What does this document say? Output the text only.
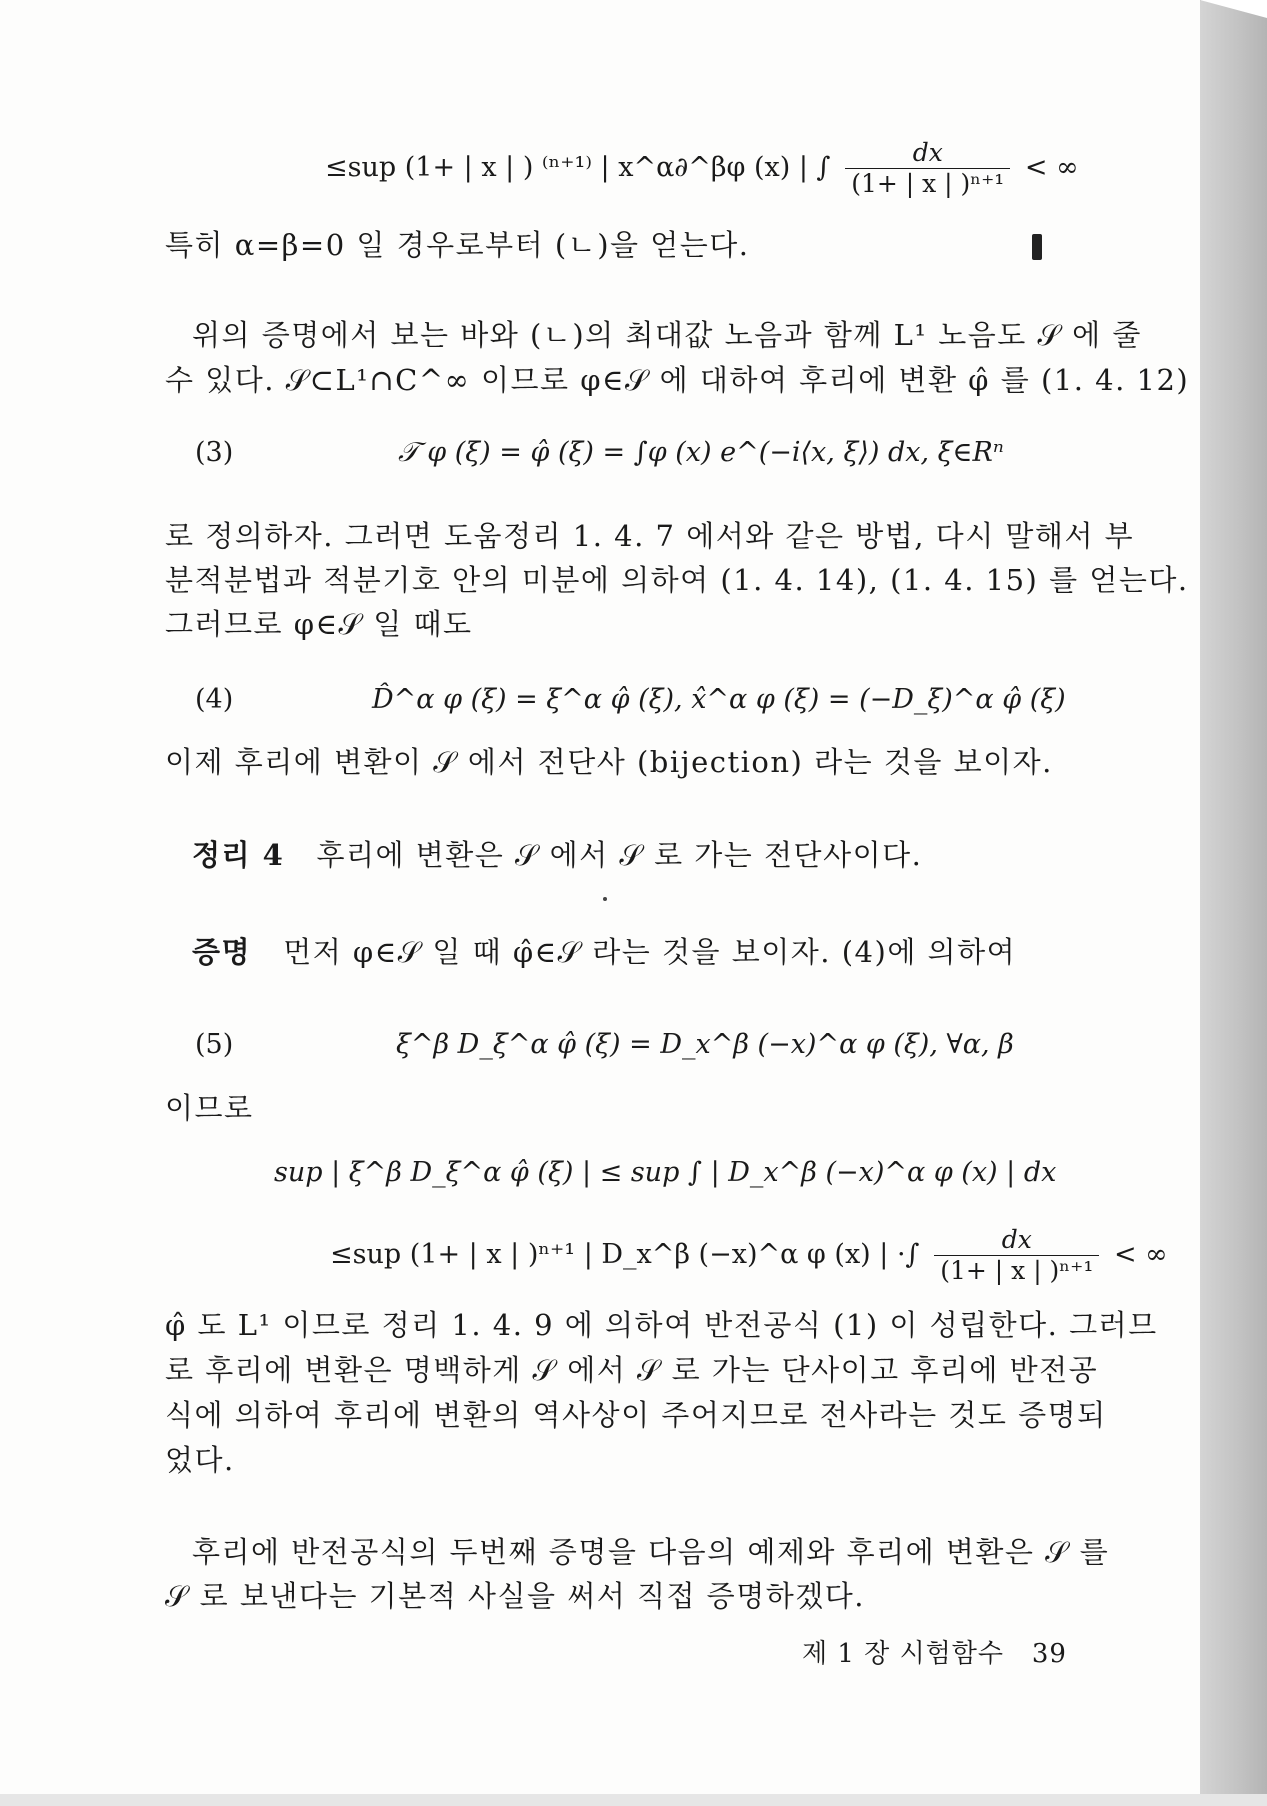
≤sup (1+ | x | ) ⁽ⁿ⁺¹⁾ | x^α∂^βφ (x) | ∫ $\frac{dx}{\text{(1+ | x | )ⁿ⁺¹}}$ < ∞
특히 α=β=0 일 경우로부터 (ㄴ)을 얻는다.
위의 증명에서 보는 바와 (ㄴ)의 최대값 노음과 함께 L¹ 노음도 𝒮 에 줄
수 있다. 𝒮⊂L¹∩C^∞ 이므로 φ∈𝒮 에 대하여 후리에 변환 φ̂ 를 (1. 4. 12)
(3)	𝒯 φ (ξ) = φ̂ (ξ) = ∫φ (x) e^(−i⟨x, ξ⟩) dx, ξ∈Rⁿ
로 정의하자. 그러면 도움정리 1. 4. 7 에서와 같은 방법, 다시 말해서 부
분적분법과 적분기호 안의 미분에 의하여 (1. 4. 14), (1. 4. 15) 를 얻는다.
그러므로 φ∈𝒮 일 때도
(4)	D̂^α φ (ξ) = ξ^α φ̂ (ξ), x̂^α φ (ξ) = (−D_ξ)^α φ̂ (ξ)
이제 후리에 변환이 𝒮 에서 전단사 (bijection) 라는 것을 보이자.
정리 4 후리에 변환은 𝒮 에서 𝒮 로 가는 전단사이다.
증명 먼저 φ∈𝒮 일 때 φ̂∈𝒮 라는 것을 보이자. (4)에 의하여
(5)	ξ^β D_ξ^α φ̂ (ξ) = D_x^β (−x)^α φ (ξ), ∀α, β
이므로
sup | ξ^β D_ξ^α φ̂ (ξ) | ≤ sup ∫ | D_x^β (−x)^α φ (x) | dx
≤sup (1+ | x | )ⁿ⁺¹ | D_x^β (−x)^α φ (x) | ·∫ $\frac{dx}{\text{(1+ | x | )ⁿ⁺¹}}$ < ∞
φ̂ 도 L¹ 이므로 정리 1. 4. 9 에 의하여 반전공식 (1) 이 성립한다. 그러므
로 후리에 변환은 명백하게 𝒮 에서 𝒮 로 가는 단사이고 후리에 반전공
식에 의하여 후리에 변환의 역사상이 주어지므로 전사라는 것도 증명되
었다.
후리에 반전공식의 두번째 증명을 다음의 예제와 후리에 변환은 𝒮 를
𝒮 로 보낸다는 기본적 사실을 써서 직접 증명하겠다.
제 1 장 시험함수 39
